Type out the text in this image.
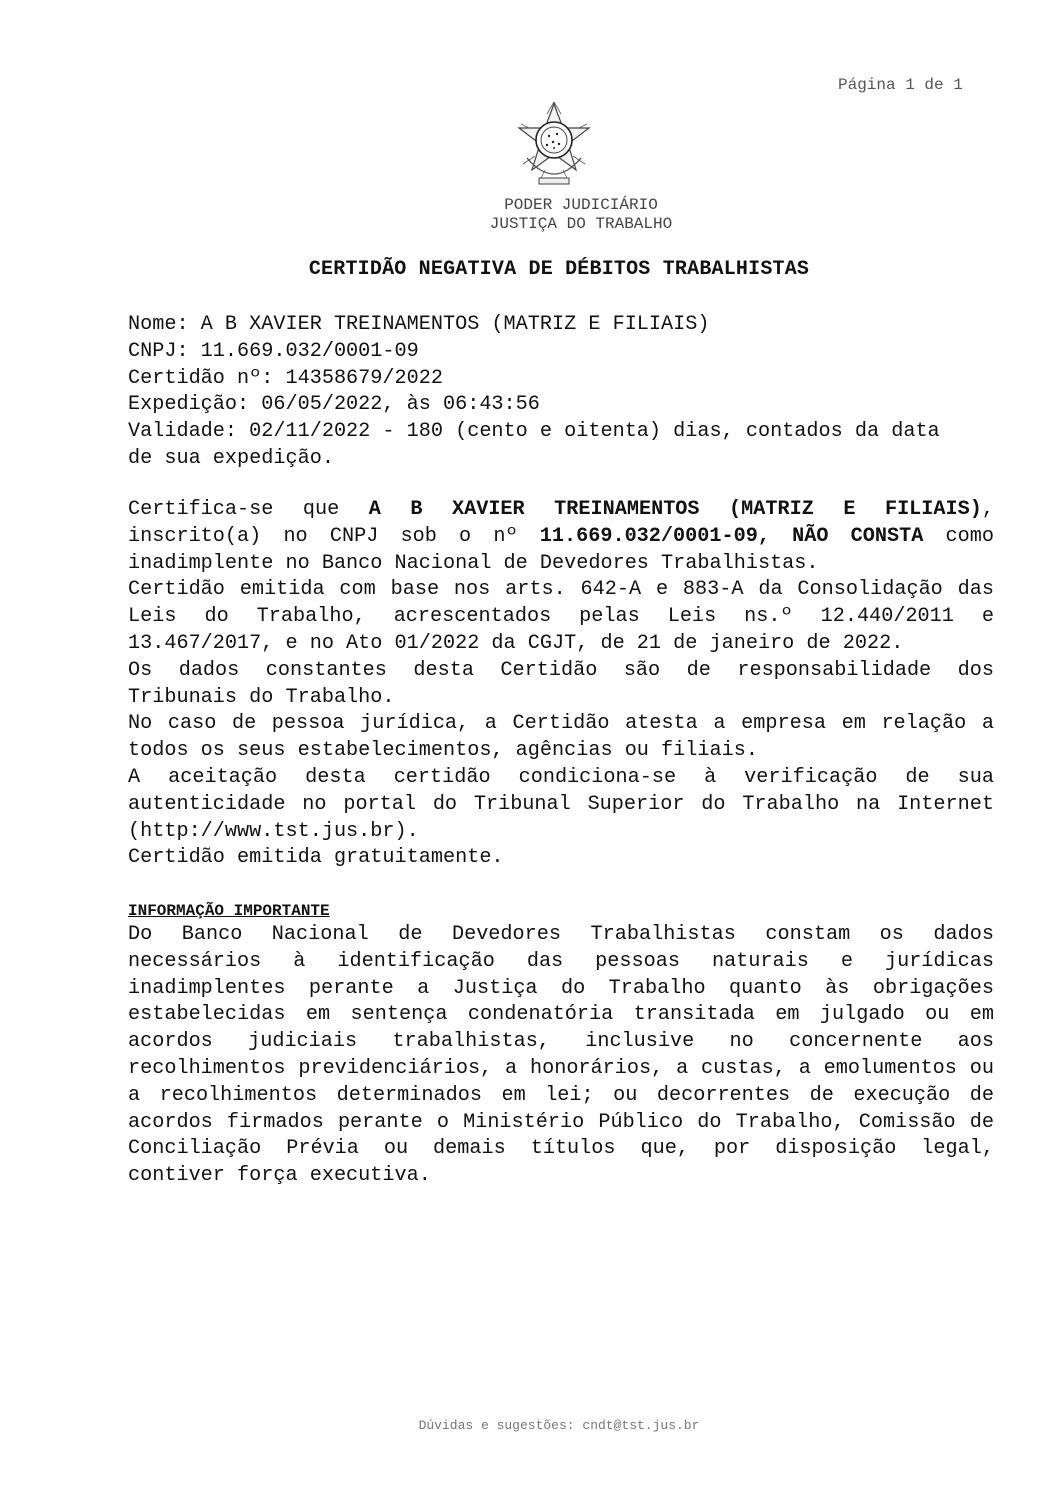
Página 1 de 1
PODER JUDICIÁRIO
JUSTIÇA DO TRABALHO
CERTIDÃO NEGATIVA DE DÉBITOS TRABALHISTAS
Nome: A B XAVIER TREINAMENTOS (MATRIZ E FILIAIS)
CNPJ: 11.669.032/0001-09
Certidão nº: 14358679/2022
Expedição: 06/05/2022, às 06:43:56
Validade: 02/11/2022 - 180 (cento e oitenta) dias, contados da data
de sua expedição.

Certifica-se que A B XAVIER TREINAMENTOS (MATRIZ E FILIAIS), inscrito(a) no CNPJ sob o nº 11.669.032/0001-09, NÃO CONSTA como inadimplente no Banco Nacional de Devedores Trabalhistas.

Certidão emitida com base nos arts. 642-A e 883-A da Consolidação das Leis do Trabalho, acrescentados pelas Leis ns.º 12.440/2011 e 13.467/2017, e no Ato 01/2022 da CGJT, de 21 de janeiro de 2022.

Os dados constantes desta Certidão são de responsabilidade dos Tribunais do Trabalho.

No caso de pessoa jurídica, a Certidão atesta a empresa em relação a todos os seus estabelecimentos, agências ou filiais.

A aceitação desta certidão condiciona-se à verificação de sua autenticidade no portal do Tribunal Superior do Trabalho na Internet (http://www.tst.jus.br).

Certidão emitida gratuitamente.

INFORMAÇÃO IMPORTANTE

Do Banco Nacional de Devedores Trabalhistas constam os dados necessários à identificação das pessoas naturais e jurídicas inadimplentes perante a Justiça do Trabalho quanto às obrigações estabelecidas em sentença condenatória transitada em julgado ou em acordos judiciais trabalhistas, inclusive no concernente aos recolhimentos previdenciários, a honorários, a custas, a emolumentos ou a recolhimentos determinados em lei; ou decorrentes de execução de acordos firmados perante o Ministério Público do Trabalho, Comissão de Conciliação Prévia ou demais títulos que, por disposição legal, contiver força executiva.

Dúvidas e sugestões: cndt@tst.jus.br
